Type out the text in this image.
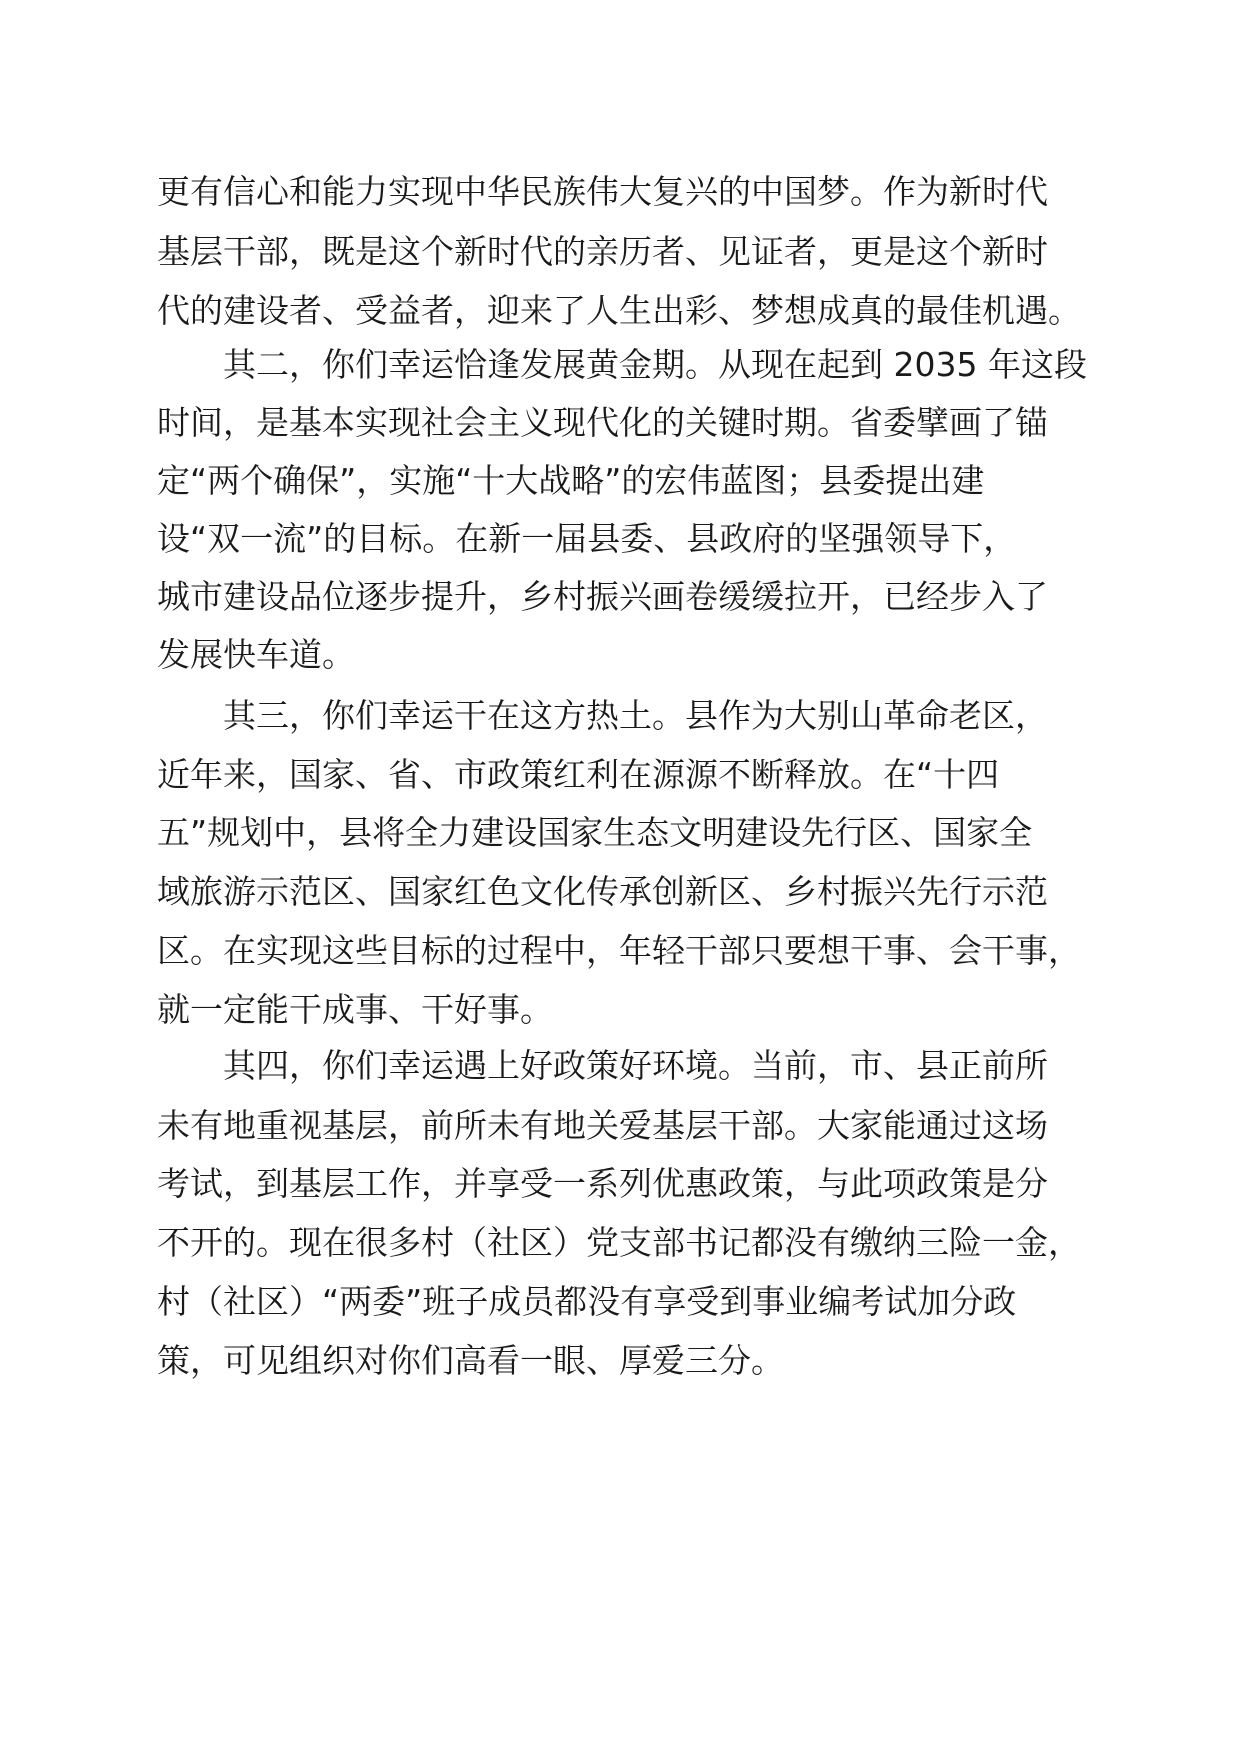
更有信心和能力实现中华民族伟大复兴的中国梦。作为新时代
基层干部，既是这个新时代的亲历者、见证者，更是这个新时
代的建设者、受益者，迎来了人生出彩、梦想成真的最佳机遇。
其二，你们幸运恰逢发展黄金期。从现在起到 2035 年这段
时间，是基本实现社会主义现代化的关键时期。省委擘画了锚
定“两个确保”，实施“十大战略”的宏伟蓝图；县委提出建
设“双一流”的目标。在新一届县委、县政府的坚强领导下，
城市建设品位逐步提升，乡村振兴画卷缓缓拉开，已经步入了
发展快车道。
其三，你们幸运干在这方热土。县作为大别山革命老区，
近年来，国家、省、市政策红利在源源不断释放。在“十四
五”规划中，县将全力建设国家生态文明建设先行区、国家全
域旅游示范区、国家红色文化传承创新区、乡村振兴先行示范
区。在实现这些目标的过程中，年轻干部只要想干事、会干事，
就一定能干成事、干好事。
其四，你们幸运遇上好政策好环境。当前，市、县正前所
未有地重视基层，前所未有地关爱基层干部。大家能通过这场
考试，到基层工作，并享受一系列优惠政策，与此项政策是分
不开的。现在很多村（社区）党支部书记都没有缴纳三险一金，
村（社区）“两委”班子成员都没有享受到事业编考试加分政
策，可见组织对你们高看一眼、厚爱三分。
